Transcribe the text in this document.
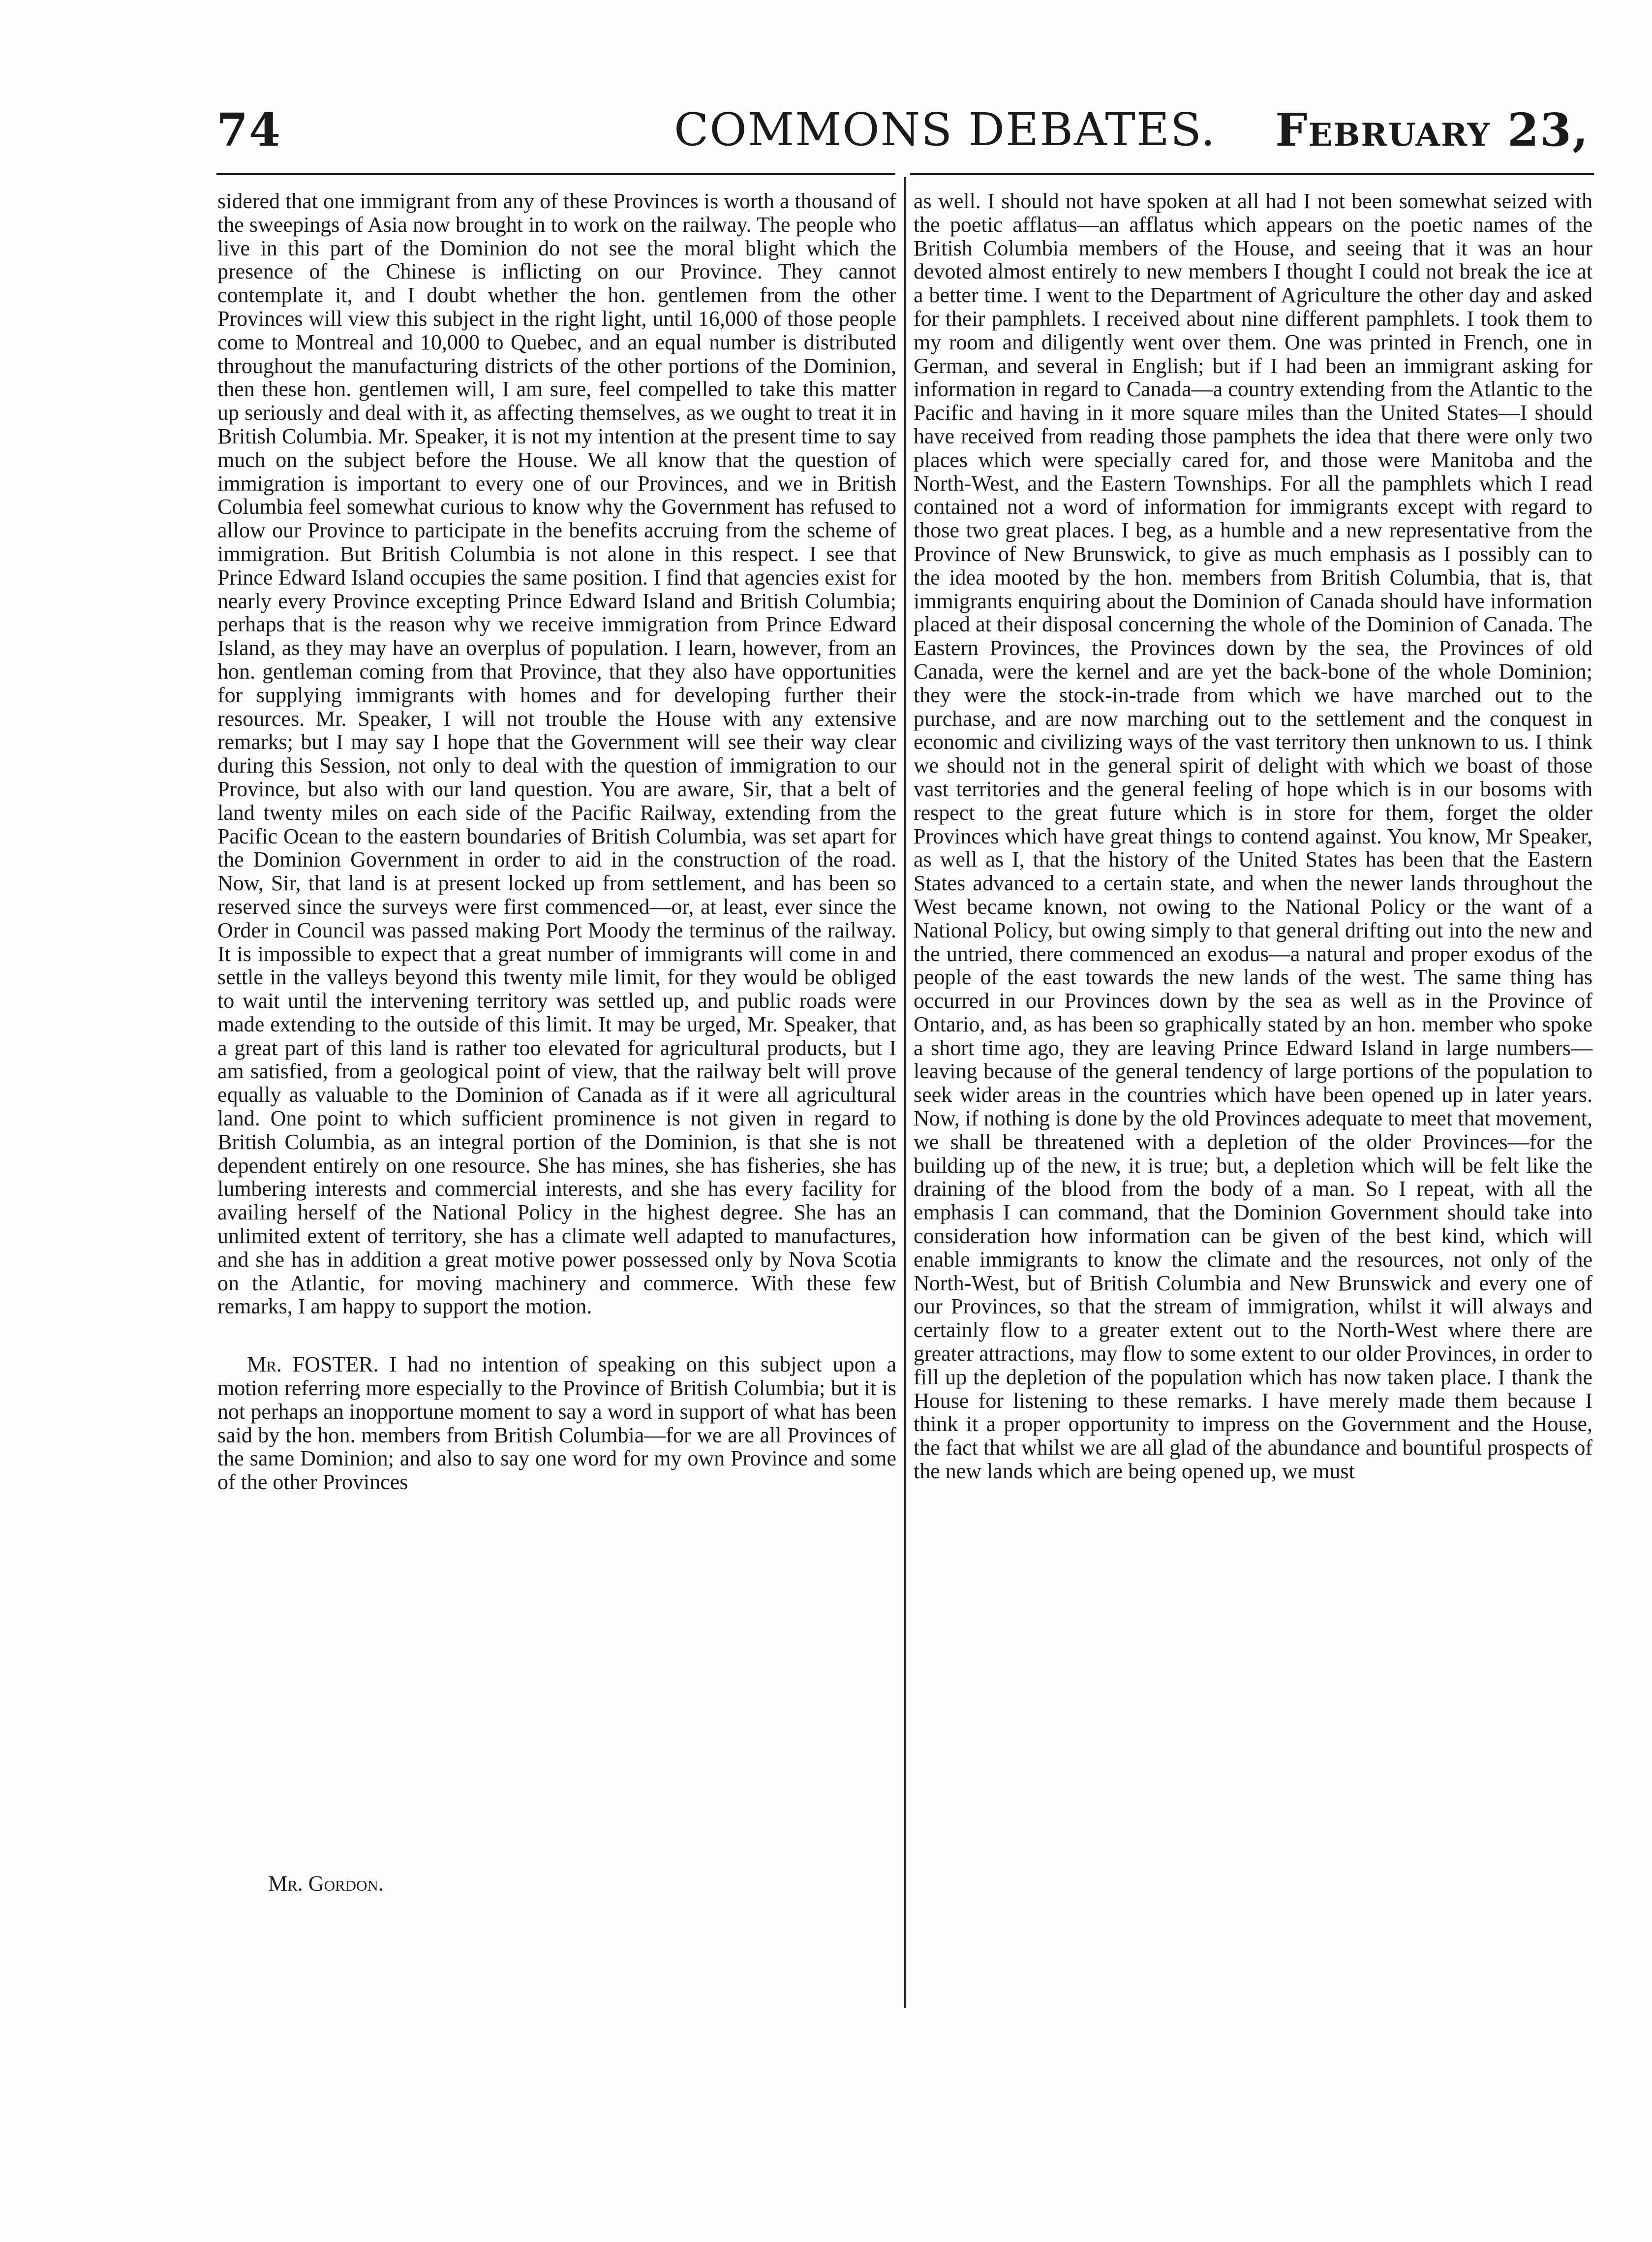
74	COMMONS DEBATES. February 23,

sidered that one immigrant from any of these Provinces is worth a thousand of the sweepings of Asia now brought in to work on the railway. The people who live in this part of the Dominion do not see the moral blight which the presence of the Chinese is inflicting on our Province. They cannot contemplate it, and I doubt whether the hon. gentlemen from the other Provinces will view this subject in the right light, until 16,000 of those people come to Montreal and 10,000 to Quebec, and an equal number is distributed throughout the manufacturing districts of the other portions of the Dominion, then these hon. gentlemen will, I am sure, feel compelled to take this matter up seriously and deal with it, as affecting themselves, as we ought to treat it in British Columbia. Mr. Speaker, it is not my intention at the present time to say much on the subject before the House. We all know that the question of immigration is important to every one of our Provinces, and we in British Columbia feel somewhat curious to know why the Government has refused to allow our Province to participate in the benefits accruing from the scheme of immigration. But British Columbia is not alone in this respect. I see that Prince Edward Island occupies the same position. I find that agencies exist for nearly every Province excepting Prince Edward Island and British Columbia; perhaps that is the reason why we receive immigration from Prince Edward Island, as they may have an overplus of population. I learn, however, from an hon. gentleman coming from that Province, that they also have opportunities for supplying immigrants with homes and for developing further their resources. Mr. Speaker, I will not trouble the House with any extensive remarks; but I may say I hope that the Government will see their way clear during this Session, not only to deal with the question of immigration to our Province, but also with our land question. You are aware, Sir, that a belt of land twenty miles on each side of the Pacific Railway, extending from the Pacific Ocean to the eastern boundaries of British Columbia, was set apart for the Dominion Government in order to aid in the construction of the road. Now, Sir, that land is at present locked up from settlement, and has been so reserved since the surveys were first commenced—or, at least, ever since the Order in Council was passed making Port Moody the terminus of the railway. It is impossible to expect that a great number of immigrants will come in and settle in the valleys beyond this twenty mile limit, for they would be obliged to wait until the intervening territory was settled up, and public roads were made extending to the outside of this limit. It may be urged, Mr. Speaker, that a great part of this land is rather too elevated for agricultural products, but I am satisfied, from a geological point of view, that the railway belt will prove equally as valuable to the Dominion of Canada as if it were all agricultural land. One point to which sufficient prominence is not given in regard to British Columbia, as an integral portion of the Dominion, is that she is not dependent entirely on one resource. She has mines, she has fisheries, she has lumbering interests and commercial interests, and she has every facility for availing herself of the National Policy in the highest degree. She has an unlimited extent of territory, she has a climate well adapted to manufactures, and she has in addition a great motive power possessed only by Nova Scotia on the Atlantic, for moving machinery and commerce. With these few remarks, I am happy to support the motion.

Mr. FOSTER. I had no intention of speaking on this subject upon a motion referring more especially to the Province of British Columbia; but it is not perhaps an inopportune moment to say a word in support of what has been said by the hon. members from British Columbia—for we are all Provinces of the same Dominion; and also to say one word for my own Province and some of the other Provinces

Mr. Gordon.

as well. I should not have spoken at all had I not been somewhat seized with the poetic afflatus—an afflatus which appears on the poetic names of the British Columbia members of the House, and seeing that it was an hour devoted almost entirely to new members I thought I could not break the ice at a better time. I went to the Department of Agriculture the other day and asked for their pamphlets. I received about nine different pamphlets. I took them to my room and diligently went over them. One was printed in French, one in German, and several in English; but if I had been an immigrant asking for information in regard to Canada—a country extending from the Atlantic to the Pacific and having in it more square miles than the United States—I should have received from reading those pamphets the idea that there were only two places which were specially cared for, and those were Manitoba and the North-West, and the Eastern Townships. For all the pamphlets which I read contained not a word of information for immigrants except with regard to those two great places. I beg, as a humble and a new representative from the Province of New Brunswick, to give as much emphasis as I possibly can to the idea mooted by the hon. members from British Columbia, that is, that immigrants enquiring about the Dominion of Canada should have information placed at their disposal concerning the whole of the Dominion of Canada. The Eastern Provinces, the Provinces down by the sea, the Provinces of old Canada, were the kernel and are yet the back-bone of the whole Dominion; they were the stock-in-trade from which we have marched out to the purchase, and are now marching out to the settlement and the conquest in economic and civilizing ways of the vast territory then unknown to us. I think we should not in the general spirit of delight with which we boast of those vast territories and the general feeling of hope which is in our bosoms with respect to the great future which is in store for them, forget the older Provinces which have great things to contend against. You know, Mr Speaker, as well as I, that the history of the United States has been that the Eastern States advanced to a certain state, and when the newer lands throughout the West became known, not owing to the National Policy or the want of a National Policy, but owing simply to that general drifting out into the new and the untried, there commenced an exodus—a natural and proper exodus of the people of the east towards the new lands of the west. The same thing has occurred in our Provinces down by the sea as well as in the Province of Ontario, and, as has been so graphically stated by an hon. member who spoke a short time ago, they are leaving Prince Edward Island in large numbers—leaving because of the general tendency of large portions of the population to seek wider areas in the countries which have been opened up in later years. Now, if nothing is done by the old Provinces adequate to meet that movement, we shall be threatened with a depletion of the older Provinces—for the building up of the new, it is true; but, a depletion which will be felt like the draining of the blood from the body of a man. So I repeat, with all the emphasis I can command, that the Dominion Government should take into consideration how information can be given of the best kind, which will enable immigrants to know the climate and the resources, not only of the North-West, but of British Columbia and New Brunswick and every one of our Provinces, so that the stream of immigration, whilst it will always and certainly flow to a greater extent out to the North-West where there are greater attractions, may flow to some extent to our older Provinces, in order to fill up the depletion of the population which has now taken place. I thank the House for listening to these remarks. I have merely made them because I think it a proper opportunity to impress on the Government and the House, the fact that whilst we are all glad of the abundance and bountiful prospects of the new lands which are being opened up, we must
